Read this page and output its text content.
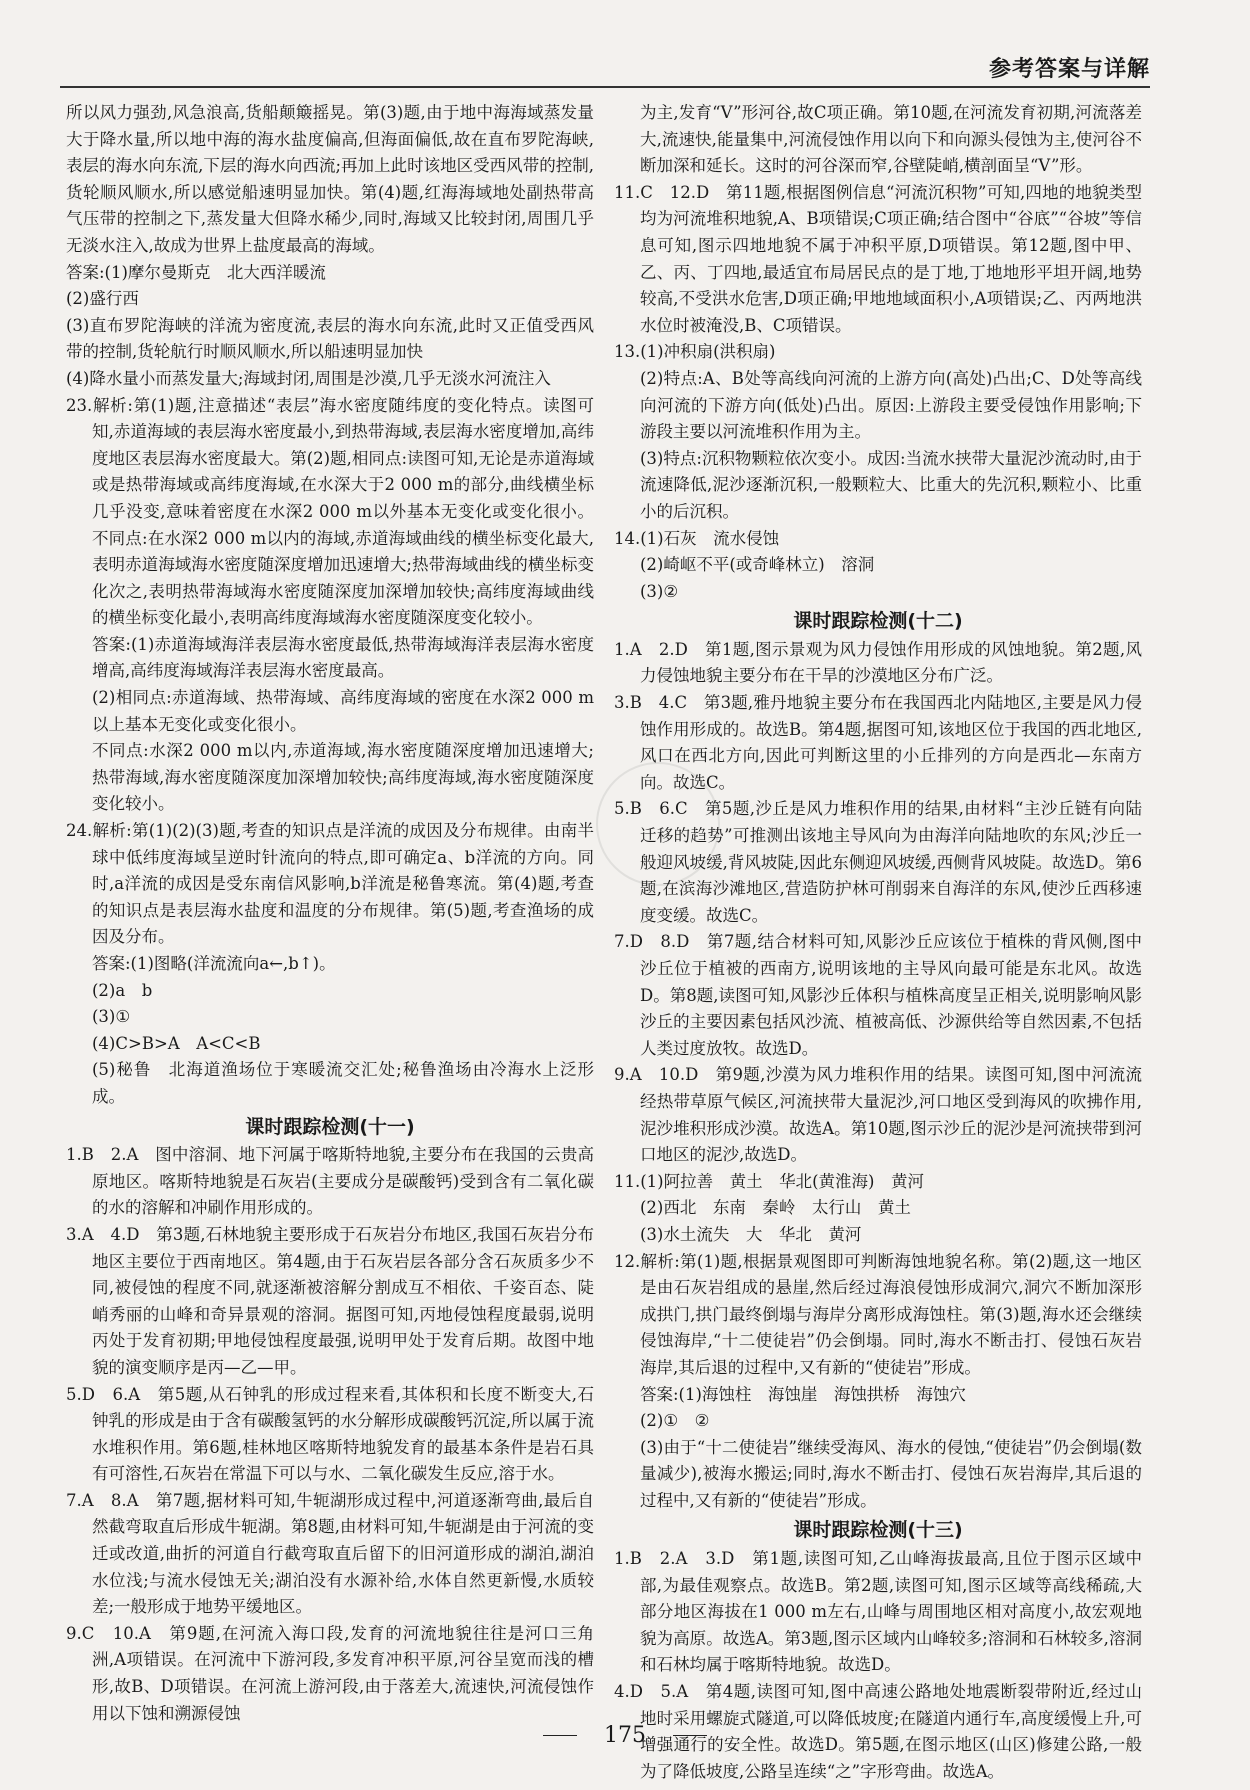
参考答案与详解
所以风力强劲,风急浪高,货船颠簸摇晃。第(3)题,由于地中海海域蒸发量大于降水量,所以地中海的海水盐度偏高,但海面偏低,故在直布罗陀海峡,表层的海水向东流,下层的海水向西流;再加上此时该地区受西风带的控制,货轮顺风顺水,所以感觉船速明显加快。第(4)题,红海海域地处副热带高气压带的控制之下,蒸发量大但降水稀少,同时,海域又比较封闭,周围几乎无淡水注入,故成为世界上盐度最高的海域。
答案:(1)摩尔曼斯克　北大西洋暖流
(2)盛行西
(3)直布罗陀海峡的洋流为密度流,表层的海水向东流,此时又正值受西风带的控制,货轮航行时顺风顺水,所以船速明显加快
(4)降水量小而蒸发量大;海域封闭,周围是沙漠,几乎无淡水河流注入
23.解析:第(1)题,注意描述“表层”海水密度随纬度的变化特点。读图可知,赤道海域的表层海水密度最小,到热带海域,表层海水密度增加,高纬度地区表层海水密度最大。第(2)题,相同点:读图可知,无论是赤道海域或是热带海域或高纬度海域,在水深大于2 000 m的部分,曲线横坐标几乎没变,意味着密度在水深2 000 m以外基本无变化或变化很小。不同点:在水深2 000 m以内的海域,赤道海域曲线的横坐标变化最大,表明赤道海域海水密度随深度增加迅速增大;热带海域曲线的横坐标变化次之,表明热带海域海水密度随深度加深增加较快;高纬度海域曲线的横坐标变化最小,表明高纬度海域海水密度随深度变化较小。
答案:(1)赤道海域海洋表层海水密度最低,热带海域海洋表层海水密度增高,高纬度海域海洋表层海水密度最高。
(2)相同点:赤道海域、热带海域、高纬度海域的密度在水深2 000 m以上基本无变化或变化很小。
不同点:水深2 000 m以内,赤道海域,海水密度随深度增加迅速增大;热带海域,海水密度随深度加深增加较快;高纬度海域,海水密度随深度变化较小。
24.解析:第(1)(2)(3)题,考查的知识点是洋流的成因及分布规律。由南半球中低纬度海域呈逆时针流向的特点,即可确定a、b洋流的方向。同时,a洋流的成因是受东南信风影响,b洋流是秘鲁寒流。第(4)题,考查的知识点是表层海水盐度和温度的分布规律。第(5)题,考查渔场的成因及分布。
答案:(1)图略(洋流流向a←,b↑)。
(2)a　b
(3)①
(4)C>B>A　A<C<B
(5)秘鲁　北海道渔场位于寒暖流交汇处;秘鲁渔场由冷海水上泛形成。
课时跟踪检测(十一)
1.B　2.A　图中溶洞、地下河属于喀斯特地貌,主要分布在我国的云贵高原地区。喀斯特地貌是石灰岩(主要成分是碳酸钙)受到含有二氧化碳的水的溶解和冲刷作用形成的。
3.A　4.D　第3题,石林地貌主要形成于石灰岩分布地区,我国石灰岩分布地区主要位于西南地区。第4题,由于石灰岩层各部分含石灰质多少不同,被侵蚀的程度不同,就逐渐被溶解分割成互不相依、千姿百态、陡峭秀丽的山峰和奇异景观的溶洞。据图可知,丙地侵蚀程度最弱,说明丙处于发育初期;甲地侵蚀程度最强,说明甲处于发育后期。故图中地貌的演变顺序是丙—乙—甲。
5.D　6.A　第5题,从石钟乳的形成过程来看,其体积和长度不断变大,石钟乳的形成是由于含有碳酸氢钙的水分解形成碳酸钙沉淀,所以属于流水堆积作用。第6题,桂林地区喀斯特地貌发育的最基本条件是岩石具有可溶性,石灰岩在常温下可以与水、二氧化碳发生反应,溶于水。
7.A　8.A　第7题,据材料可知,牛轭湖形成过程中,河道逐渐弯曲,最后自然截弯取直后形成牛轭湖。第8题,由材料可知,牛轭湖是由于河流的变迁或改道,曲折的河道自行截弯取直后留下的旧河道形成的湖泊,湖泊水位浅;与流水侵蚀无关;湖泊没有水源补给,水体自然更新慢,水质较差;一般形成于地势平缓地区。
9.C　10.A　第9题,在河流入海口段,发育的河流地貌往往是河口三角洲,A项错误。在河流中下游河段,多发育冲积平原,河谷呈宽而浅的槽形,故B、D项错误。在河流上游河段,由于落差大,流速快,河流侵蚀作用以下蚀和溯源侵蚀
为主,发育“V”形河谷,故C项正确。第10题,在河流发育初期,河流落差大,流速快,能量集中,河流侵蚀作用以向下和向源头侵蚀为主,使河谷不断加深和延长。这时的河谷深而窄,谷壁陡峭,横剖面呈“V”形。
11.C　12.D　第11题,根据图例信息“河流沉积物”可知,四地的地貌类型均为河流堆积地貌,A、B项错误;C项正确;结合图中“谷底”“谷坡”等信息可知,图示四地地貌不属于冲积平原,D项错误。第12题,图中甲、乙、丙、丁四地,最适宜布局居民点的是丁地,丁地地形平坦开阔,地势较高,不受洪水危害,D项正确;甲地地域面积小,A项错误;乙、丙两地洪水位时被淹没,B、C项错误。
13.(1)冲积扇(洪积扇)
(2)特点:A、B处等高线向河流的上游方向(高处)凸出;C、D处等高线向河流的下游方向(低处)凸出。原因:上游段主要受侵蚀作用影响;下游段主要以河流堆积作用为主。
(3)特点:沉积物颗粒依次变小。成因:当流水挟带大量泥沙流动时,由于流速降低,泥沙逐渐沉积,一般颗粒大、比重大的先沉积,颗粒小、比重小的后沉积。
14.(1)石灰　流水侵蚀
(2)崎岖不平(或奇峰林立)　溶洞
(3)②
课时跟踪检测(十二)
1.A　2.D　第1题,图示景观为风力侵蚀作用形成的风蚀地貌。第2题,风力侵蚀地貌主要分布在干旱的沙漠地区分布广泛。
3.B　4.C　第3题,雅丹地貌主要分布在我国西北内陆地区,主要是风力侵蚀作用形成的。故选B。第4题,据图可知,该地区位于我国的西北地区,风口在西北方向,因此可判断这里的小丘排列的方向是西北—东南方向。故选C。
5.B　6.C　第5题,沙丘是风力堆积作用的结果,由材料“主沙丘链有向陆迁移的趋势”可推测出该地主导风向为由海洋向陆地吹的东风;沙丘一般迎风坡缓,背风坡陡,因此东侧迎风坡缓,西侧背风坡陡。故选D。第6题,在滨海沙滩地区,营造防护林可削弱来自海洋的东风,使沙丘西移速度变缓。故选C。
7.D　8.D　第7题,结合材料可知,风影沙丘应该位于植株的背风侧,图中沙丘位于植被的西南方,说明该地的主导风向最可能是东北风。故选D。第8题,读图可知,风影沙丘体积与植株高度呈正相关,说明影响风影沙丘的主要因素包括风沙流、植被高低、沙源供给等自然因素,不包括人类过度放牧。故选D。
9.A　10.D　第9题,沙漠为风力堆积作用的结果。读图可知,图中河流流经热带草原气候区,河流挟带大量泥沙,河口地区受到海风的吹拂作用,泥沙堆积形成沙漠。故选A。第10题,图示沙丘的泥沙是河流挟带到河口地区的泥沙,故选D。
11.(1)阿拉善　黄土　华北(黄淮海)　黄河
(2)西北　东南　秦岭　太行山　黄土
(3)水土流失　大　华北　黄河
12.解析:第(1)题,根据景观图即可判断海蚀地貌名称。第(2)题,这一地区是由石灰岩组成的悬崖,然后经过海浪侵蚀形成洞穴,洞穴不断加深形成拱门,拱门最终倒塌与海岸分离形成海蚀柱。第(3)题,海水还会继续侵蚀海岸,“十二使徒岩”仍会倒塌。同时,海水不断击打、侵蚀石灰岩海岸,其后退的过程中,又有新的“使徒岩”形成。
答案:(1)海蚀柱　海蚀崖　海蚀拱桥　海蚀穴
(2)①　②
(3)由于“十二使徒岩”继续受海风、海水的侵蚀,“使徒岩”仍会倒塌(数量减少),被海水搬运;同时,海水不断击打、侵蚀石灰岩海岸,其后退的过程中,又有新的“使徒岩”形成。
课时跟踪检测(十三)
1.B　2.A　3.D　第1题,读图可知,乙山峰海拔最高,且位于图示区域中部,为最佳观察点。故选B。第2题,读图可知,图示区域等高线稀疏,大部分地区海拔在1 000 m左右,山峰与周围地区相对高度小,故宏观地貌为高原。故选A。第3题,图示区域内山峰较多;溶洞和石林较多,溶洞和石林均属于喀斯特地貌。故选D。
4.D　5.A　第4题,读图可知,图中高速公路地处地震断裂带附近,经过山地时采用螺旋式隧道,可以降低坡度;在隧道内通行车,高度缓慢上升,可增强通行的安全性。故选D。第5题,在图示地区(山区)修建公路,一般为了降低坡度,公路呈连续“之”字形弯曲。故选A。
175
